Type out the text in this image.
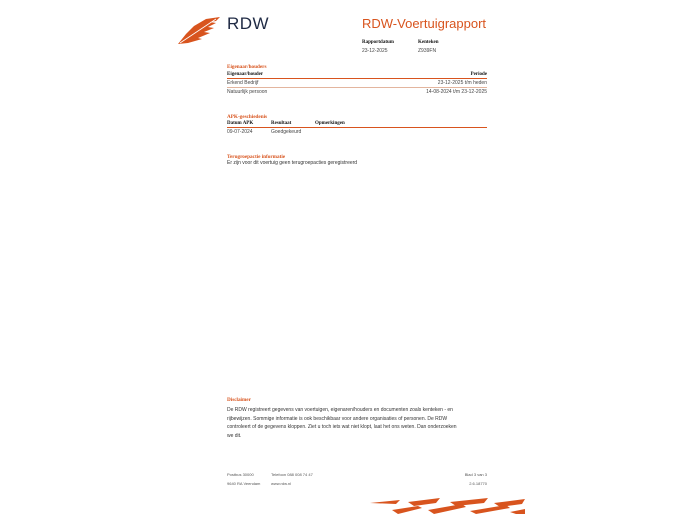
RDW	RDW-Voertuigrapport
Rapportdatum
23-12-2025
Kenteken
Z939FN
Eigenaar/houders
Eigenaar/houder	Periode
Erkend Bedrijf	23-12-2025 t/m heden
Natuurlijk persoon	14-08-2024 t/m 23-12-2025
APK-geschiedenis
Datum APK	Resultaat	Opmerkingen
09-07-2024	Goedgekeurd
Terugroepactie informatie
Er zijn voor dit voertuig geen terugroepacties geregistreerd
Disclaimer
De RDW registreert gegevens van voertuigen, eigenaren/houders en documenten zoals kenteken - en
rijbewijzen. Sommige informatie is ook beschikbaar voor andere organisaties of personen. De RDW
controleert of de gegevens kloppen. Ziet u toch iets wat niet klopt, laat het ons weten. Dan onderzoeken
we dit.
Postbus 30000
9640 RA Veendam
Telefoon 088 008 74 47
www.rdw.nl
Blad 3 van 3
2.6.18770
